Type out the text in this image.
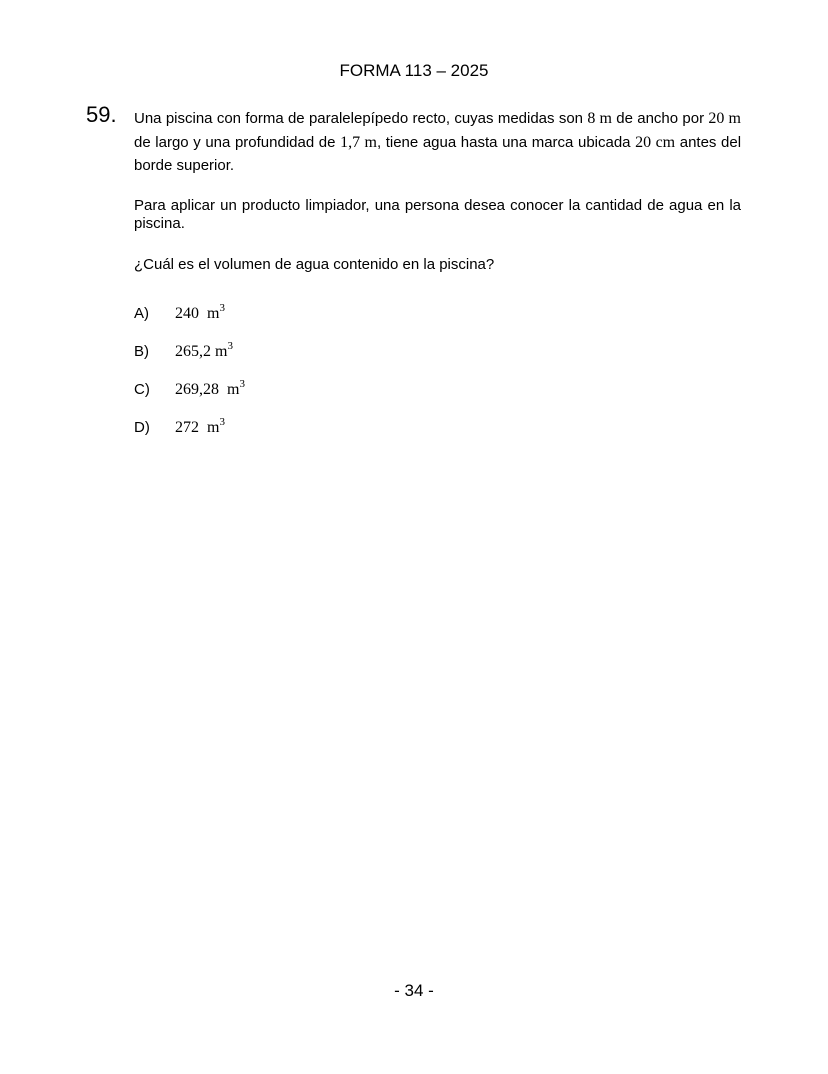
FORMA 113 – 2025
59. Una piscina con forma de paralelepípedo recto, cuyas medidas son 8 m de ancho por 20 m de largo y una profundidad de 1,7 m, tiene agua hasta una marca ubicada 20 cm antes del borde superior.
Para aplicar un producto limpiador, una persona desea conocer la cantidad de agua en la piscina.
¿Cuál es el volumen de agua contenido en la piscina?
A)	240 $m^3$
B)	265,2 $m^3$
C)	269,28 $m^3$
D)	272 $m^3$
- 34 -
